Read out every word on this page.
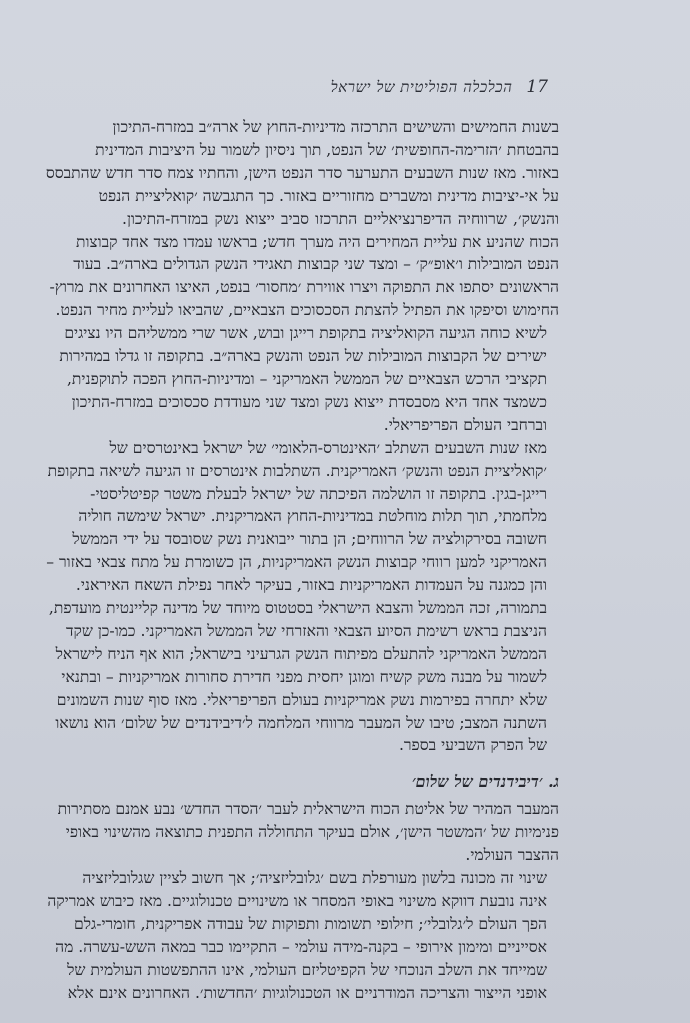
17
הכלכלה הפוליטית של ישראל

בשנות החמישים והשישים התרכזה מדיניות-החוץ של ארה״ב במזרח-התיכון
בהבטחת ׳הזרימה-החופשית׳ של הנפט, תוך ניסיון לשמור על היציבות המדינית
באזור. מאז שנות השבעים התערער סדר הנפט הישן, והחתיו צמח סדר חדש שהתבסס
על אי-יציבות מדינית ומשברים מחזוריים באזור. כך התגבשה ׳קואליציית הנפט
והנשק׳, שרווחיה הדיפרנציאליים התרכזו סביב ייצוא נשק במזרח-התיכון.
הכוח שהניע את עליית המחירים היה מערך חדש; בראשו עמדו מצד אחד קבוצות
הנפט המובילות ו׳אופ״ק׳ – ומצד שני קבוצות תאגידי הנשק הגדולים בארה״ב. בעוד
הראשונים יסתפו את התפוקה ויצרו אווירת ׳מחסור׳ בנפט, האיצו האחרונים את מרוץ-
החימוש וסיפקו את הפתיל להצתת הסכסוכים הצבאיים, שהביאו לעליית מחיר הנפט.

לשיא כוחה הגיעה הקואליציה בתקופת רייגן ובוש, אשר שרי ממשליהם היו נציגים
ישירים של הקבוצות המובילות של הנפט והנשק בארה״ב. בתקופה זו גדלו במהירות
תקציבי הרכש הצבאיים של הממשל האמריקני – ומדיניות-החוץ הפכה לתוקפנית,
כשמצד אחד היא מסבסדת ייצוא נשק ומצד שני מעודדת סכסוכים במזרח-התיכון
וברחבי העולם הפריפריאלי.

מאז שנות השבעים השתלב ׳האינטרס-הלאומי׳ של ישראל באינטרסים של
׳קואליציית הנפט והנשק׳ האמריקנית. השתלבות אינטרסים זו הגיעה לשיאה בתקופת
רייגן-בגין. בתקופה זו הושלמה הפיכתה של ישראל לבעלת משטר קפיטליסטי-
מלחמתי, תוך תלות מוחלטת במדיניות-החוץ האמריקנית. ישראל שימשה חוליה
חשובה בסירקולציה של הרווחים; הן בתור ייבואנית נשק שסובסד על ידי הממשל
האמריקני למען רווחי קבוצות הנשק האמריקניות, הן כשומרת על מתח צבאי באזור –
והן כמגנה על העמדות האמריקניות באזור, בעיקר לאחר נפילת השאח האיראני.
בתמורה, זכה הממשל והצבא הישראלי בסטטוס מיוחד של מדינה קליינטית מועדפת,
הניצבת בראש רשימת הסיוע הצבאי והאזרחי של הממשל האמריקני. כמו-כן שקד
הממשל האמריקני להתעלם מפיתוח הנשק הגרעיני בישראל; הוא אף הניח לישראל
לשמור על מבנה משק קשיח ומוגן יחסית מפני חדירת סחורות אמריקניות – ובתנאי
שלא יתחרה בפירמות נשק אמריקניות בעולם הפריפריאלי. מאז סוף שנות השמונים
השתנה המצב; טיבו של המעבר מרווחי המלחמה ל׳דיבידנדים של שלום׳ הוא נושאו
של הפרק השביעי בספר.

ג. ׳דיבידנדים של שלום׳

המעבר המהיר של אליטת הכוח הישראלית לעבר ׳הסדר החדש׳ נבע אמנם מסתירות
פנימיות של ׳המשטר הישן׳, אולם בעיקר התחוללה התפנית כתוצאה מהשינוי באופי
ההצבר העולמי.

שינוי זה מכונה בלשון מעורפלת בשם ׳גלובליזציה׳; אך חשוב לציין שגלובליזציה
אינה נובעת דווקא משינוי באופי המסחר או משינויים טכנולוגיים. מאז כיבוש אמריקה
הפך העולם ל׳גלובלי׳; חילופי תשומות ותפוקות של עבודה אפריקנית, חומרי-גלם
אסייניים ומימון אירופי – בקנה-מידה עולמי – התקיימו כבר במאה השש-עשרה. מה
שמייחד את השלב הנוכחי של הקפיטליזם העולמי, אינו ההתפשטות העולמית של
אופני הייצור והצריכה המודרניים או הטכנולוגיות ׳החדשות׳. האחרונים אינם אלא
